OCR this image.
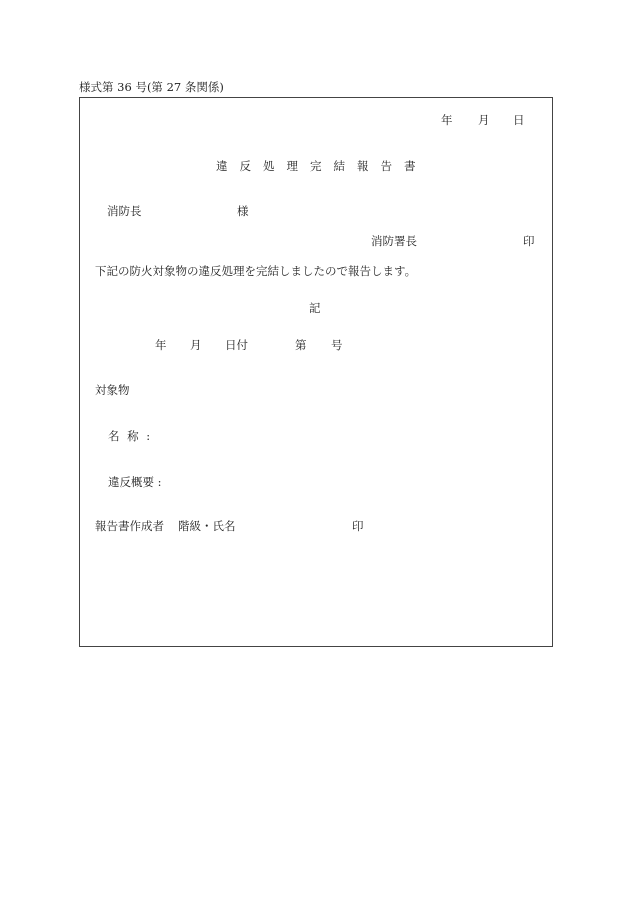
様式第 36 号(第 27 条関係)
年 月 日
違反処理完結報告書
消防長	様
消防署長	印
下記の防火対象物の違反処理を完結しましたので報告します。
記
年 月 日付	第 号
対象物
名 称 :
違反概要 :
報告書作成者 階級・氏名	印
